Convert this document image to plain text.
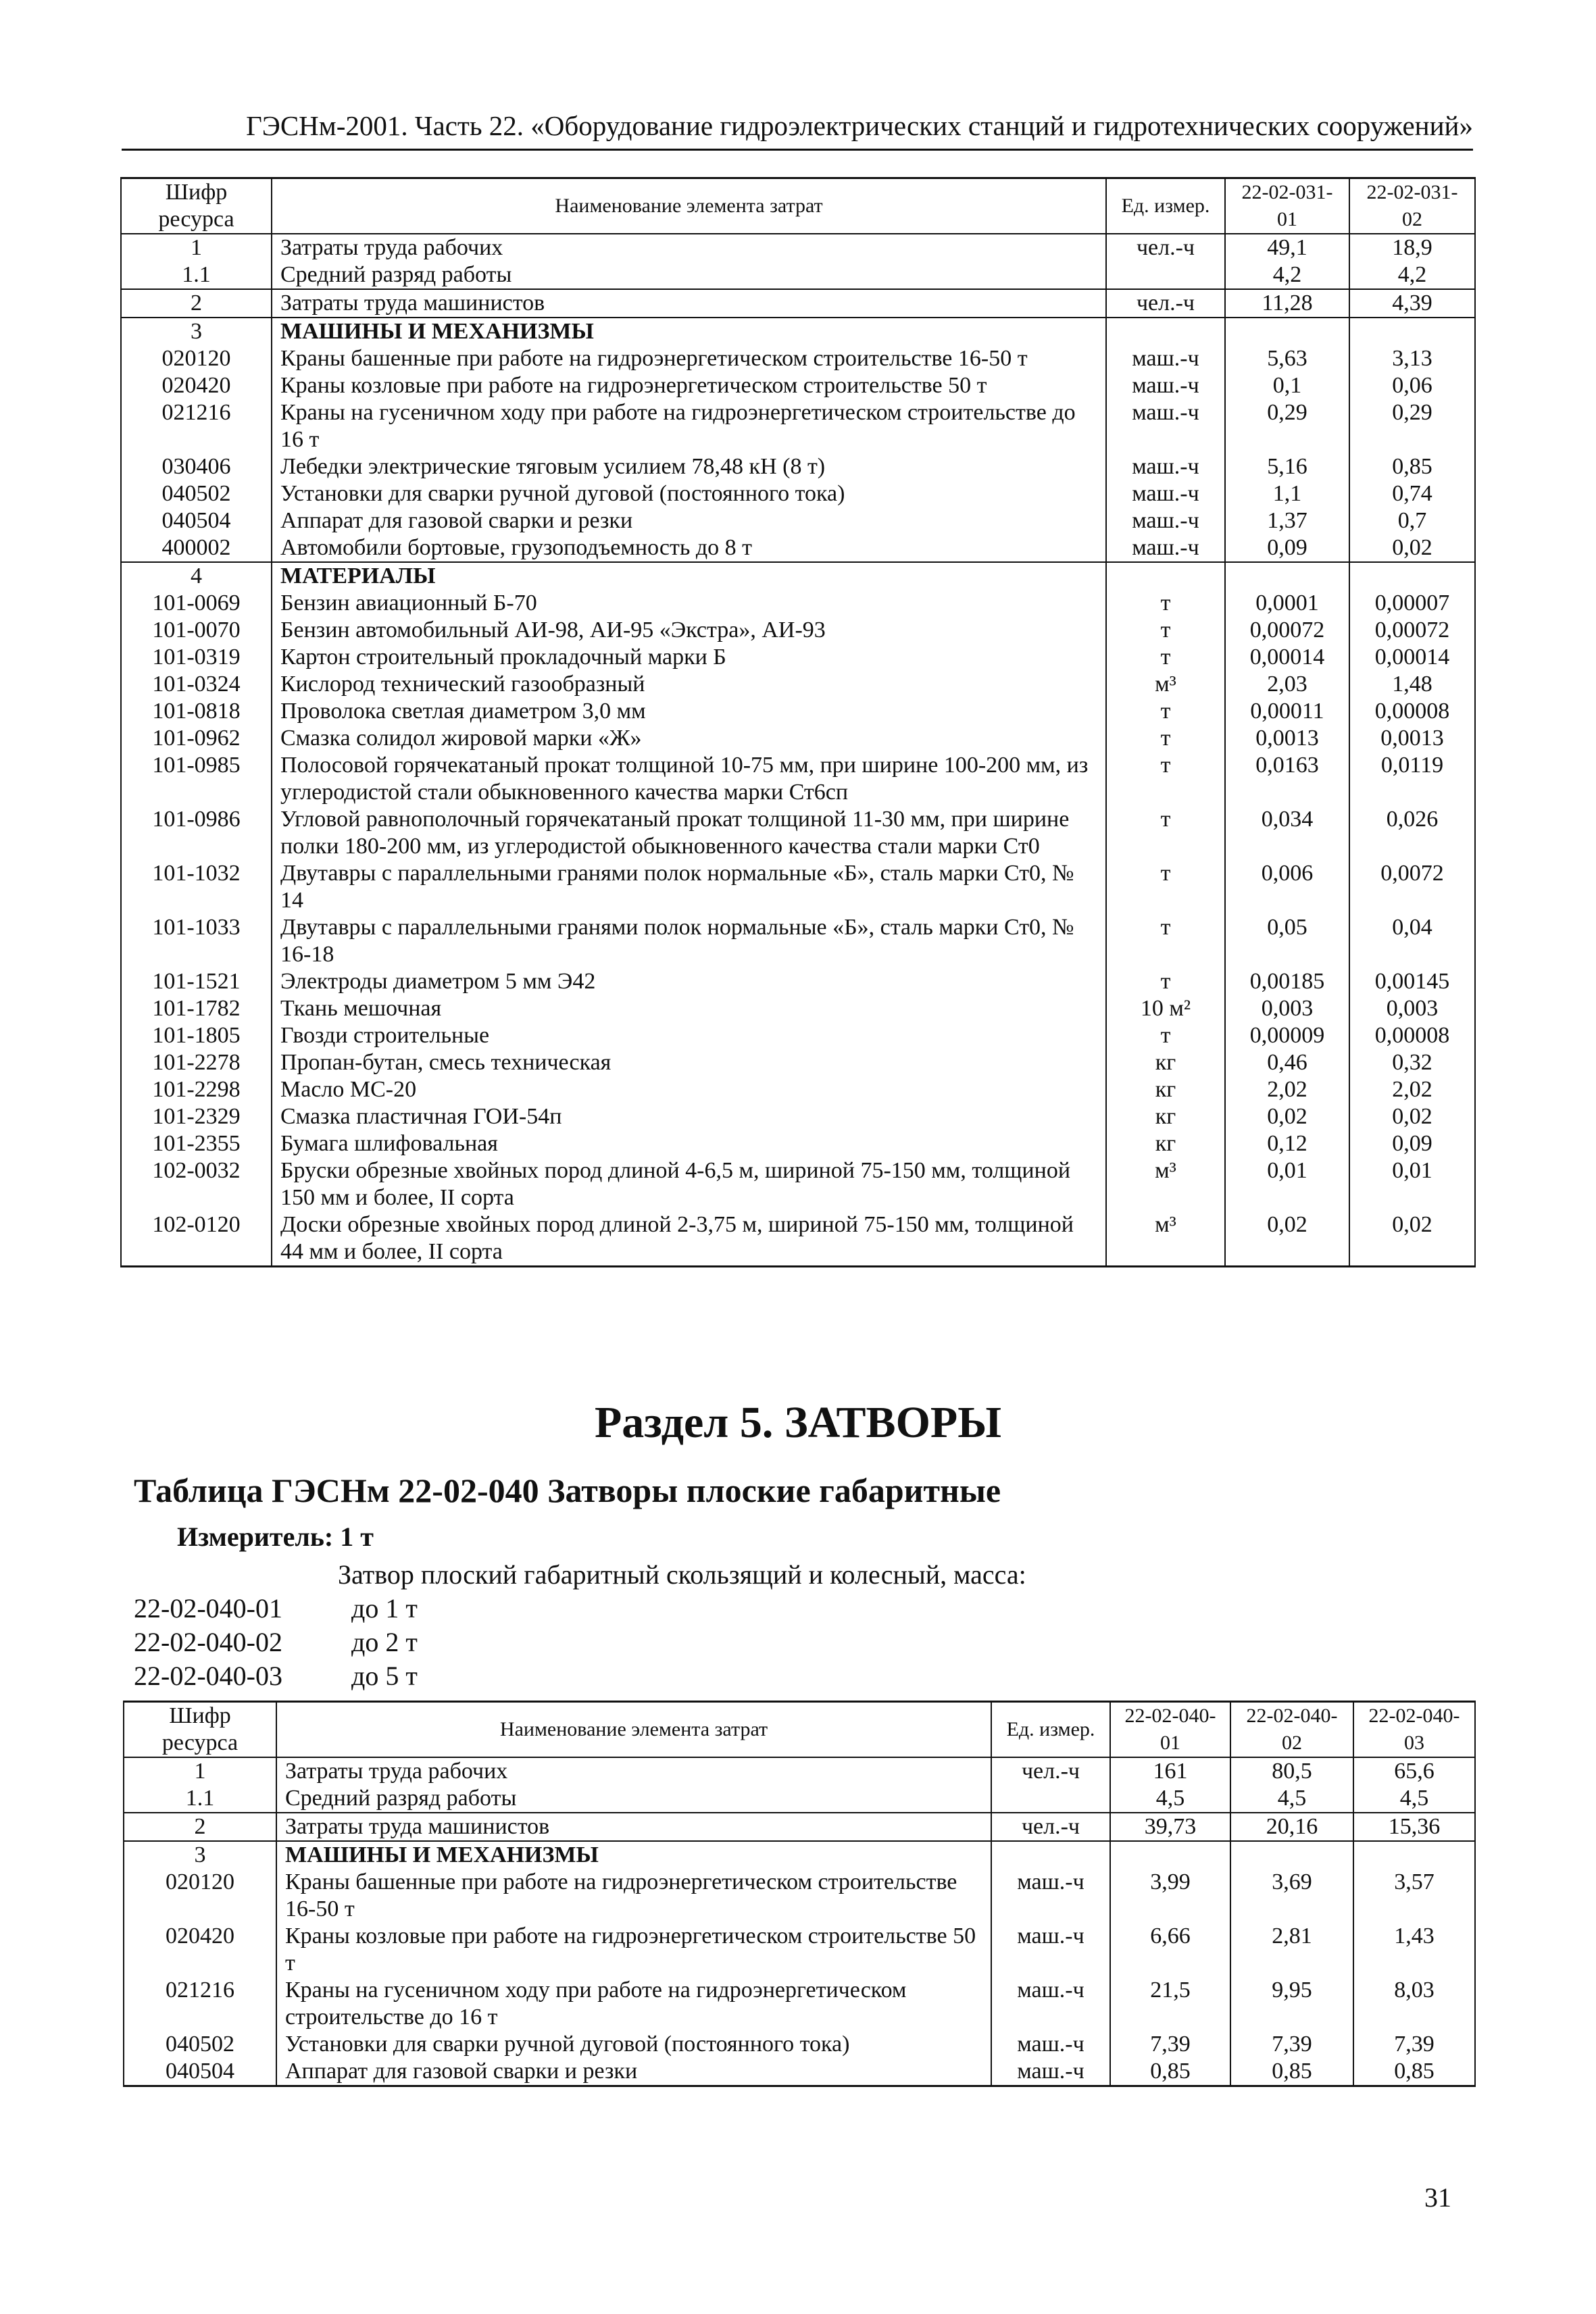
ГЭСНм-2001. Часть 22. «Оборудование гидроэлектрических станций и гидротехнических сооружений»
Шифр ресурса	Наименование элемента затрат	Ед. измер.	22-02-031-01	22-02-031-02
1	Затраты труда рабочих	чел.-ч	49,1	18,9
1.1	Средний разряд работы		4,2	4,2
2	Затраты труда машинистов	чел.-ч	11,28	4,39
3	МАШИНЫ И МЕХАНИЗМЫ			
020120	Краны башенные при работе на гидроэнергетическом строительстве 16-50 т	маш.-ч	5,63	3,13
020420	Краны козловые при работе на гидроэнергетическом строительстве 50 т	маш.-ч	0,1	0,06
021216	Краны на гусеничном ходу при работе на гидроэнергетическом строительстве до 16 т	маш.-ч	0,29	0,29
030406	Лебедки электрические тяговым усилием 78,48 кН (8 т)	маш.-ч	5,16	0,85
040502	Установки для сварки ручной дуговой (постоянного тока)	маш.-ч	1,1	0,74
040504	Аппарат для газовой сварки и резки	маш.-ч	1,37	0,7
400002	Автомобили бортовые, грузоподъемность до 8 т	маш.-ч	0,09	0,02
4	МАТЕРИАЛЫ			
101-0069	Бензин авиационный Б-70	т	0,0001	0,00007
101-0070	Бензин автомобильный АИ-98, АИ-95 «Экстра», АИ-93	т	0,00072	0,00072
101-0319	Картон строительный прокладочный марки Б	т	0,00014	0,00014
101-0324	Кислород технический газообразный	м³	2,03	1,48
101-0818	Проволока светлая диаметром 3,0 мм	т	0,00011	0,00008
101-0962	Смазка солидол жировой марки «Ж»	т	0,0013	0,0013
101-0985	Полосовой горячекатаный прокат толщиной 10-75 мм, при ширине 100-200 мм, из углеродистой стали обыкновенного качества марки Ст6сп	т	0,0163	0,0119
101-0986	Угловой равнополочный горячекатаный прокат толщиной 11-30 мм, при ширине полки 180-200 мм, из углеродистой обыкновенного качества стали марки Ст0	т	0,034	0,026
101-1032	Двутавры с параллельными гранями полок нормальные «Б», сталь марки Ст0, № 14	т	0,006	0,0072
101-1033	Двутавры с параллельными гранями полок нормальные «Б», сталь марки Ст0, № 16-18	т	0,05	0,04
101-1521	Электроды диаметром 5 мм Э42	т	0,00185	0,00145
101-1782	Ткань мешочная	10 м²	0,003	0,003
101-1805	Гвозди строительные	т	0,00009	0,00008
101-2278	Пропан-бутан, смесь техническая	кг	0,46	0,32
101-2298	Масло МС-20	кг	2,02	2,02
101-2329	Смазка пластичная ГОИ-54п	кг	0,02	0,02
101-2355	Бумага шлифовальная	кг	0,12	0,09
102-0032	Бруски обрезные хвойных пород длиной 4-6,5 м, шириной 75-150 мм, толщиной 150 мм и более, II сорта	м³	0,01	0,01
102-0120	Доски обрезные хвойных пород длиной 2-3,75 м, шириной 75-150 мм, толщиной 44 мм и более, II сорта	м³	0,02	0,02
Раздел 5. ЗАТВОРЫ
Таблица ГЭСНм 22-02-040 Затворы плоские габаритные
Измеритель: 1 т
Затвор плоский габаритный скользящий и колесный, масса:
22-02-040-01	до 1 т
22-02-040-02	до 2 т
22-02-040-03	до 5 т
Шифр ресурса	Наименование элемента затрат	Ед. измер.	22-02-040-01	22-02-040-02	22-02-040-03
1	Затраты труда рабочих	чел.-ч	161	80,5	65,6
1.1	Средний разряд работы		4,5	4,5	4,5
2	Затраты труда машинистов	чел.-ч	39,73	20,16	15,36
3	МАШИНЫ И МЕХАНИЗМЫ				
020120	Краны башенные при работе на гидроэнергетическом строительстве 16-50 т	маш.-ч	3,99	3,69	3,57
020420	Краны козловые при работе на гидроэнергетическом строительстве 50 т	маш.-ч	6,66	2,81	1,43
021216	Краны на гусеничном ходу при работе на гидроэнергетическом строительстве до 16 т	маш.-ч	21,5	9,95	8,03
040502	Установки для сварки ручной дуговой (постоянного тока)	маш.-ч	7,39	7,39	7,39
040504	Аппарат для газовой сварки и резки	маш.-ч	0,85	0,85	0,85
31
